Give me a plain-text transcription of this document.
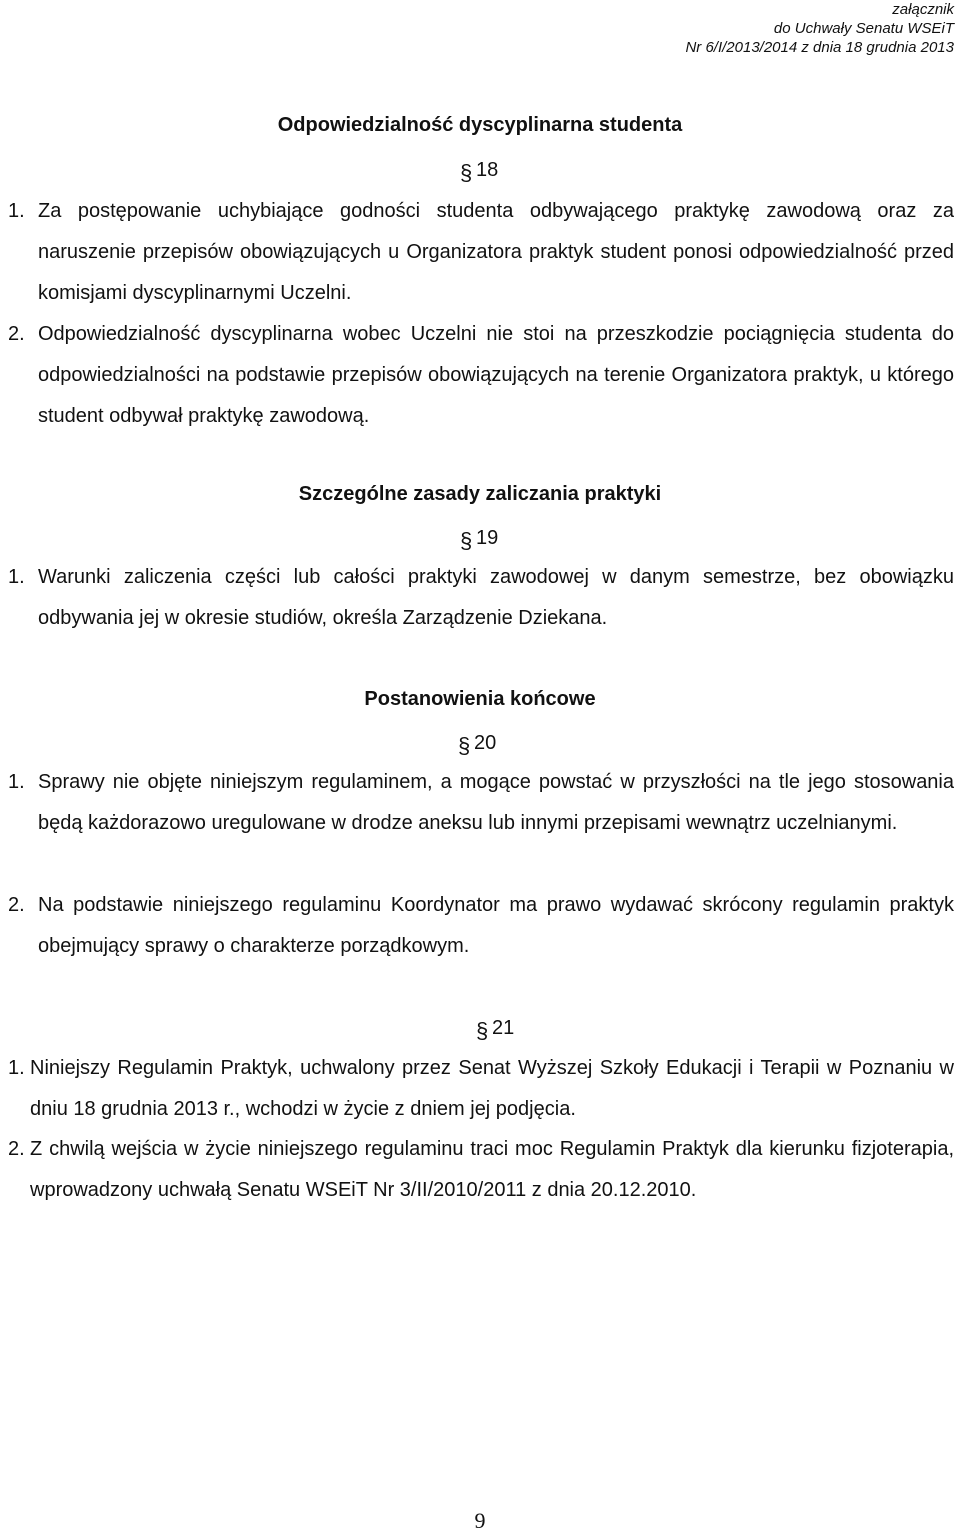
załącznik
do Uchwały Senatu WSEiT
Nr 6/I/2013/2014 z dnia 18 grudnia 2013
Odpowiedzialność dyscyplinarna studenta
§ 18
1. Za postępowanie uchybiające godności studenta odbywającego praktykę zawodową oraz za naruszenie przepisów obowiązujących u Organizatora praktyk student ponosi odpowiedzialność przed komisjami dyscyplinarnymi Uczelni.
2. Odpowiedzialność dyscyplinarna wobec Uczelni nie stoi na przeszkodzie pociągnięcia studenta do odpowiedzialności na podstawie przepisów obowiązujących na terenie Organizatora praktyk, u którego student odbywał praktykę zawodową.
Szczególne zasady zaliczania praktyki
§ 19
1. Warunki zaliczenia części lub całości praktyki zawodowej w danym semestrze, bez obowiązku odbywania jej w okresie studiów, określa Zarządzenie Dziekana.
Postanowienia końcowe
§ 20
1. Sprawy nie objęte niniejszym regulaminem, a mogące powstać w przyszłości na tle jego stosowania będą każdorazowo uregulowane w drodze aneksu lub innymi przepisami wewnątrz uczelnianymi.
2. Na podstawie niniejszego regulaminu Koordynator ma prawo wydawać skrócony regulamin praktyk obejmujący sprawy o charakterze porządkowym.
§ 21
1. Niniejszy Regulamin Praktyk, uchwalony przez Senat Wyższej Szkoły Edukacji i Terapii w Poznaniu w dniu 18 grudnia 2013 r., wchodzi w życie z dniem jej podjęcia.
2. Z chwilą wejścia w życie niniejszego regulaminu traci moc Regulamin Praktyk dla kierunku fizjoterapia, wprowadzony uchwałą Senatu WSEiT Nr 3/II/2010/2011 z dnia 20.12.2010.
9
